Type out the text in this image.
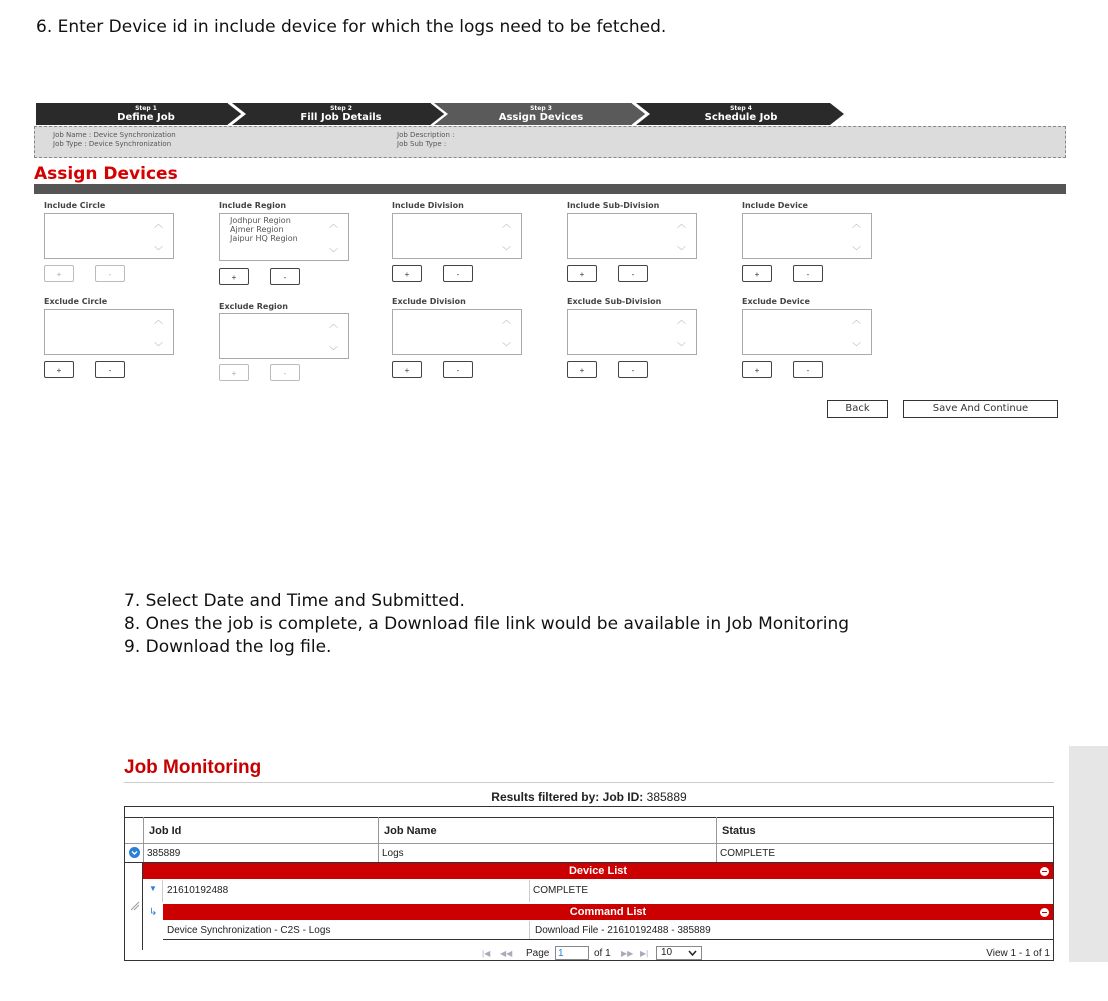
6. Enter Device id in include device for which the logs need to be fetched.
Step 1
Define Job
Step 2
Fill Job Details
Step 3
Assign Devices
Step 4
Schedule Job
Job Name : Device Synchronization
Job Type : Device Synchronization
Job Description :
Job Sub Type :
Assign Devices
Include Circle	Include Region	Include Division	Include Sub-Division	Include Device
︿
﹀
Jodhpur Region
Ajmer Region
Jaipur HQ Region
︿
﹀
︿
﹀
︿
﹀
︿
﹀
+	-	+	-	+	-	+	-	+	-
Exclude Circle
Exclude Region
Exclude Division	Exclude Sub-Division	Exclude Device
︿
﹀
︿
﹀
︿
﹀
︿
﹀
︿
﹀
+	-	+	-	+	-	+	-	+	-
Back	Save And Continue
7. Select Date and Time and Submitted.
8. Ones the job is complete, a Download file link would be available in Job Monitoring
9. Download the log file.
Job Monitoring
Results filtered by: Job ID: 385889
Job Id	Job Name	Status
385889	Logs	COMPLETE
Device List
▼ 21610192488	COMPLETE
Command List
↳
Device Synchronization - C2S - Logs	Download File - 21610192488 - 385889
|◀ ◀◀ Page
1	of 1 ▶▶ ▶|	10	View 1 - 1 of 1
